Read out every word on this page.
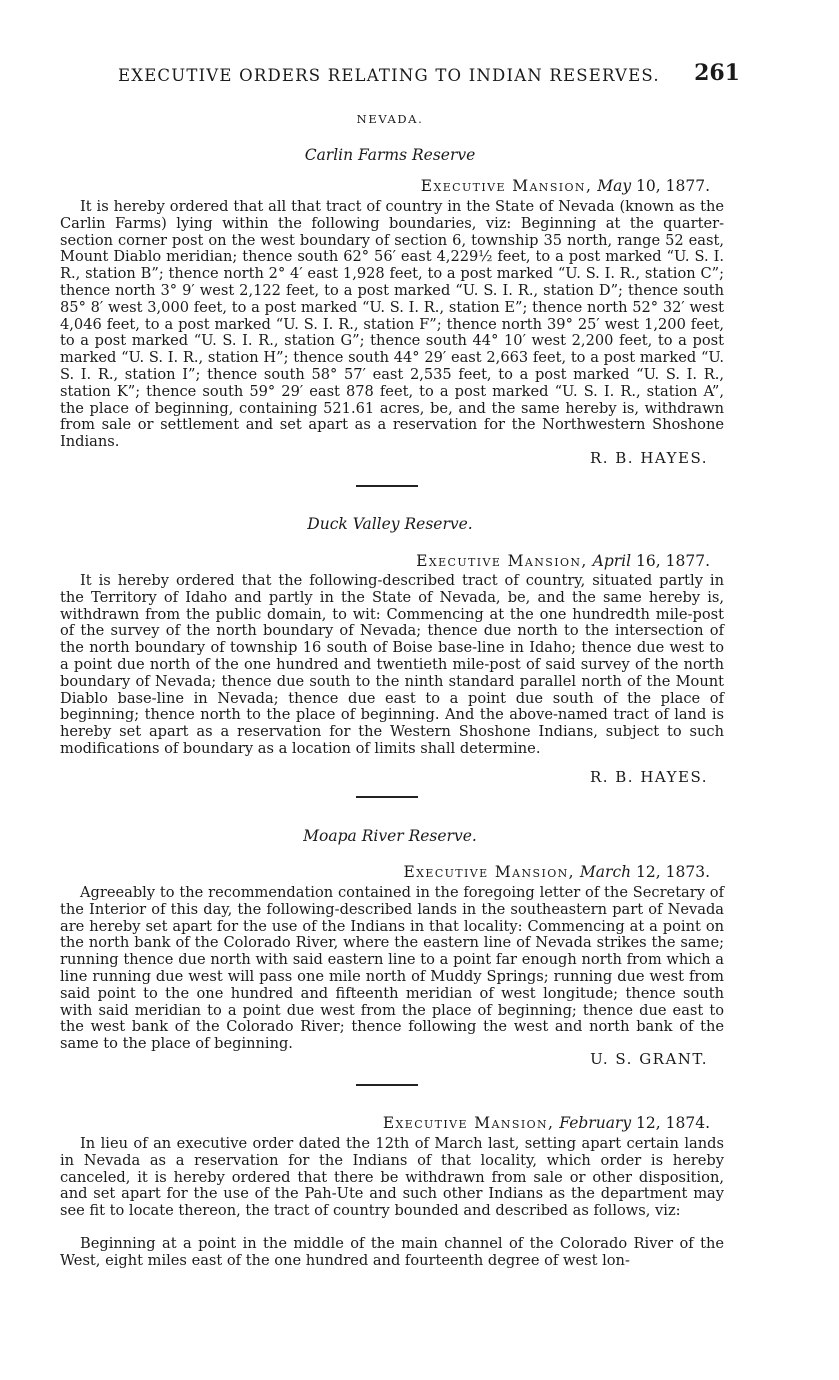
EXECUTIVE ORDERS RELATING TO INDIAN RESERVES. 261
NEVADA.
Carlin Farms Reserve
Executive Mansion, May 10, 1877.
It is hereby ordered that all that tract of country in the State of Nevada (known as the Carlin Farms) lying within the following boundaries, viz: Beginning at the quarter-section corner post on the west boundary of section 6, township 35 north, range 52 east, Mount Diablo meridian; thence south 62° 56′ east 4,229½ feet, to a post marked “U. S. I. R., station B”; thence north 2° 4′ east 1,928 feet, to a post marked “U. S. I. R., station C”; thence north 3° 9′ west 2,122 feet, to a post marked “U. S. I. R., station D”; thence south 85° 8′ west 3,000 feet, to a post marked “U. S. I. R., station E”; thence north 52° 32′ west 4,046 feet, to a post marked “U. S. I. R., station F”; thence north 39° 25′ west 1,200 feet, to a post marked “U. S. I. R., station G”; thence south 44° 10′ west 2,200 feet, to a post marked “U. S. I. R., station H”; thence south 44° 29′ east 2,663 feet, to a post marked “U. S. I. R., station I”; thence south 58° 57′ east 2,535 feet, to a post marked “U. S. I. R., station K”; thence south 59° 29′ east 878 feet, to a post marked “U. S. I. R., station A”, the place of beginning, containing 521.61 acres, be, and the same hereby is, withdrawn from sale or settlement and set apart as a reservation for the Northwestern Shoshone Indians.
R. B. HAYES.
Duck Valley Reserve.
Executive Mansion, April 16, 1877.
It is hereby ordered that the following-described tract of country, situated partly in the Territory of Idaho and partly in the State of Nevada, be, and the same hereby is, withdrawn from the public domain, to wit: Commencing at the one hundredth mile-post of the survey of the north boundary of Nevada; thence due north to the intersection of the north boundary of township 16 south of Boise base-line in Idaho; thence due west to a point due north of the one hundred and twentieth mile-post of said survey of the north boundary of Nevada; thence due south to the ninth standard parallel north of the Mount Diablo base-line in Nevada; thence due east to a point due south of the place of beginning; thence north to the place of beginning. And the above-named tract of land is hereby set apart as a reservation for the Western Shoshone Indians, subject to such modifications of boundary as a location of limits shall determine.
R. B. HAYES.
Moapa River Reserve.
Executive Mansion, March 12, 1873.
Agreeably to the recommendation contained in the foregoing letter of the Secretary of the Interior of this day, the following-described lands in the southeastern part of Nevada are hereby set apart for the use of the Indians in that locality: Commencing at a point on the north bank of the Colorado River, where the eastern line of Nevada strikes the same; running thence due north with said eastern line to a point far enough north from which a line running due west will pass one mile north of Muddy Springs; running due west from said point to the one hundred and fifteenth meridian of west longitude; thence south with said meridian to a point due west from the place of beginning; thence due east to the west bank of the Colorado River; thence following the west and north bank of the same to the place of beginning.
U. S. GRANT.
Executive Mansion, February 12, 1874.
In lieu of an executive order dated the 12th of March last, setting apart certain lands in Nevada as a reservation for the Indians of that locality, which order is hereby canceled, it is hereby ordered that there be withdrawn from sale or other disposition, and set apart for the use of the Pah-Ute and such other Indians as the department may see fit to locate thereon, the tract of country bounded and described as follows, viz:
Beginning at a point in the middle of the main channel of the Colorado River of the West, eight miles east of the one hundred and fourteenth degree of west lon-
